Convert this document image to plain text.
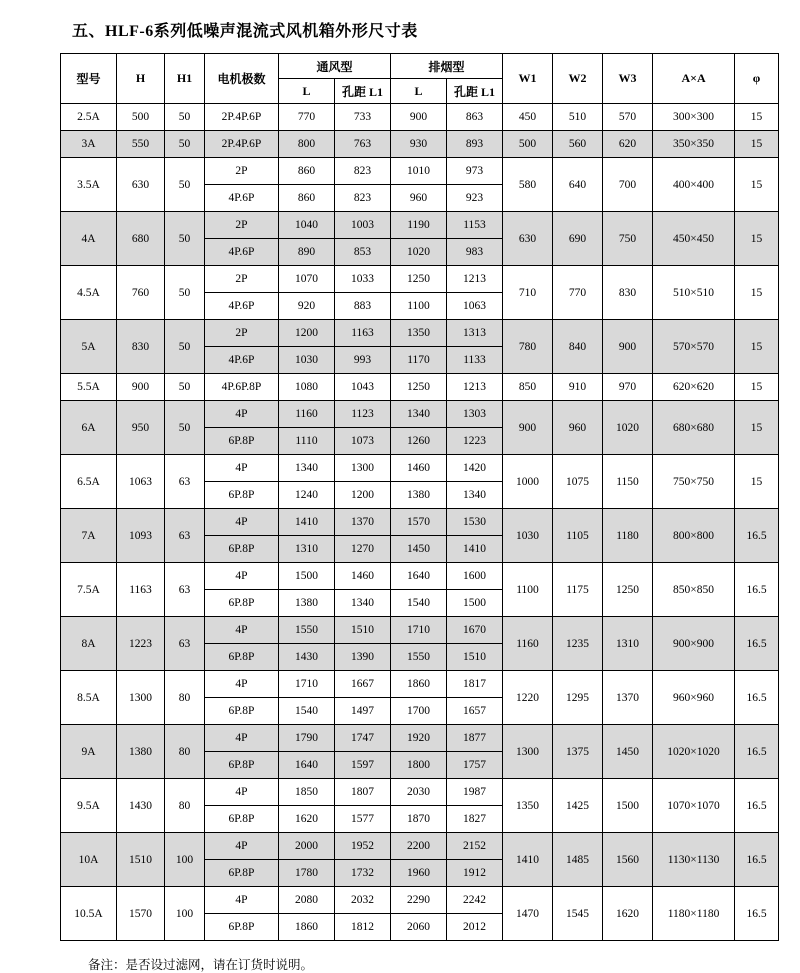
五、HLF-6系列低噪声混流式风机箱外形尺寸表
型号	H	H1	电机极数	通风型		排烟型		W1	W2	W3	A×A	φ
				L	孔距 L1	L	孔距 L1					
2.5A	500	50	2P.4P.6P	770	733	900	863	450	510	570	300×300	15
3A	550	50	2P.4P.6P	800	763	930	893	500	560	620	350×350	15
3.5A	630	50	2P	860	823	1010	973	580	640	700	400×400	15
			4P.6P	860	823	960	923					
4A	680	50	2P	1040	1003	1190	1153	630	690	750	450×450	15
			4P.6P	890	853	1020	983					
4.5A	760	50	2P	1070	1033	1250	1213	710	770	830	510×510	15
			4P.6P	920	883	1100	1063					
5A	830	50	2P	1200	1163	1350	1313	780	840	900	570×570	15
			4P.6P	1030	993	1170	1133					
5.5A	900	50	4P.6P.8P	1080	1043	1250	1213	850	910	970	620×620	15
6A	950	50	4P	1160	1123	1340	1303	900	960	1020	680×680	15
			6P.8P	1110	1073	1260	1223					
6.5A	1063	63	4P	1340	1300	1460	1420	1000	1075	1150	750×750	15
			6P.8P	1240	1200	1380	1340					
7A	1093	63	4P	1410	1370	1570	1530	1030	1105	1180	800×800	16.5
			6P.8P	1310	1270	1450	1410					
7.5A	1163	63	4P	1500	1460	1640	1600	1100	1175	1250	850×850	16.5
			6P.8P	1380	1340	1540	1500					
8A	1223	63	4P	1550	1510	1710	1670	1160	1235	1310	900×900	16.5
			6P.8P	1430	1390	1550	1510					
8.5A	1300	80	4P	1710	1667	1860	1817	1220	1295	1370	960×960	16.5
			6P.8P	1540	1497	1700	1657					
9A	1380	80	4P	1790	1747	1920	1877	1300	1375	1450	1020×1020	16.5
			6P.8P	1640	1597	1800	1757					
9.5A	1430	80	4P	1850	1807	2030	1987	1350	1425	1500	1070×1070	16.5
			6P.8P	1620	1577	1870	1827					
10A	1510	100	4P	2000	1952	2200	2152	1410	1485	1560	1130×1130	16.5
			6P.8P	1780	1732	1960	1912					
10.5A	1570	100	4P	2080	2032	2290	2242	1470	1545	1620	1180×1180	16.5
			6P.8P	1860	1812	2060	2012					
备注：是否设过滤网，请在订货时说明。
